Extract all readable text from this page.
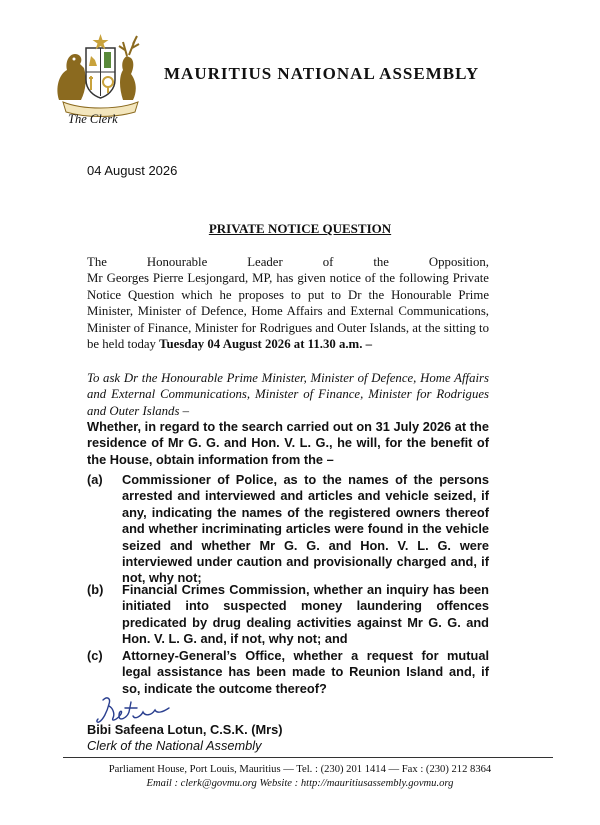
MAURITIUS NATIONAL ASSEMBLY
The Clerk
04 August 2026
PRIVATE NOTICE QUESTION
The Honourable Leader of the Opposition,
Mr Georges Pierre Lesjongard, MP, has given notice of the following Private Notice Question which he proposes to put to Dr the Honourable Prime Minister, Minister of Defence, Home Affairs and External Communications, Minister of Finance, Minister for Rodrigues and Outer Islands, at the sitting to be held today Tuesday 04 August 2026 at 11.30 a.m. –
To ask Dr the Honourable Prime Minister, Minister of Defence, Home Affairs and External Communications, Minister of Finance, Minister for Rodrigues and Outer Islands –
Whether, in regard to the search carried out on 31 July 2026 at the residence of Mr G. G. and Hon. V. L. G., he will, for the benefit of the House, obtain information from the –
(a) Commissioner of Police, as to the names of the persons arrested and interviewed and articles and vehicle seized, if any, indicating the names of the registered owners thereof and whether incriminating articles were found in the vehicle seized and whether Mr G. G. and Hon. V. L. G. were interviewed under caution and provisionally charged and, if not, why not;
(b) Financial Crimes Commission, whether an inquiry has been initiated into suspected money laundering offences predicated by drug dealing activities against Mr G. G. and Hon. V. L. G. and, if not, why not; and
(c) Attorney-General’s Office, whether a request for mutual legal assistance has been made to Reunion Island and, if so, indicate the outcome thereof?
Bibi Safeena Lotun, C.S.K. (Mrs)
Clerk of the National Assembly
Parliament House, Port Louis, Mauritius — Tel. : (230) 201 1414 — Fax : (230) 212 8364
Email : clerk@govmu.org Website : http://mauritiusassembly.govmu.org
